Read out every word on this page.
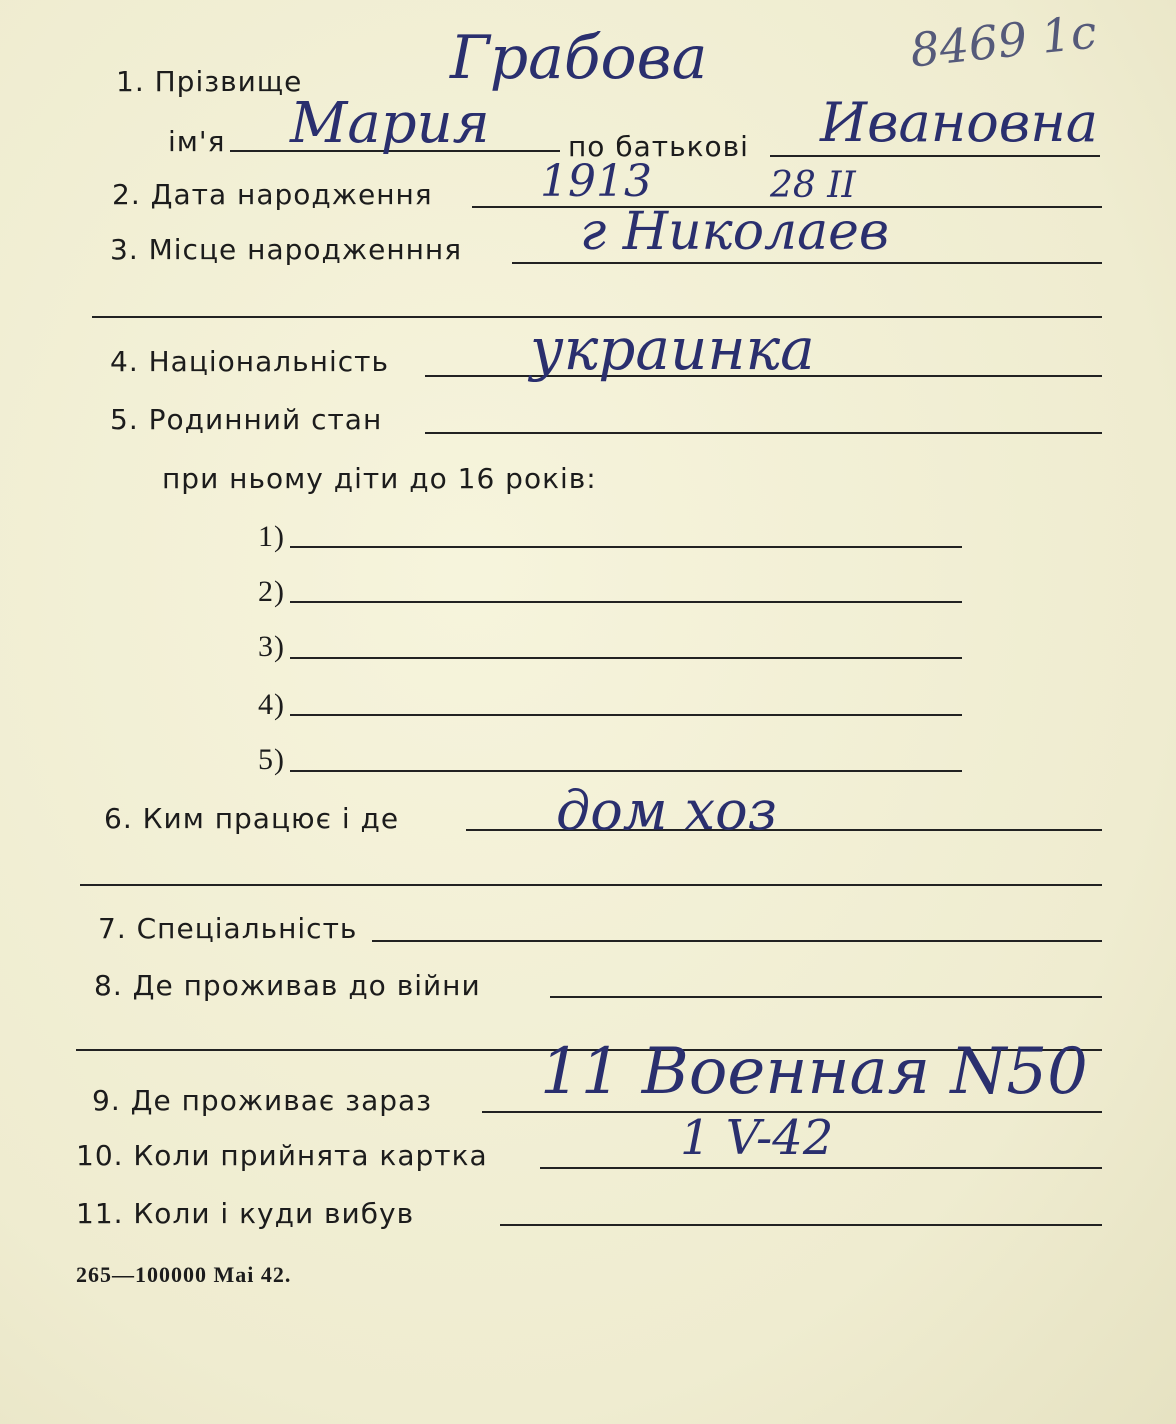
8469 1с
1. Прізвище Грабова
ім'я Мария	по батькові Ивановна
2. Дата народження 1913	28 II
3. Місце народженння г Николаев
4. Національність украинка
5. Родинний стан
при ньому діти до 16 років:
1)
2)
3)
4)
5)
6. Ким працює і де	дом хоз
7. Спеціальність
8. Де проживав до війни
9. Де проживає зараз 11 Военная N50
10. Коли прийнята картка	1 V-42
11. Коли і куди вибув
265—100000 Mai 42.
